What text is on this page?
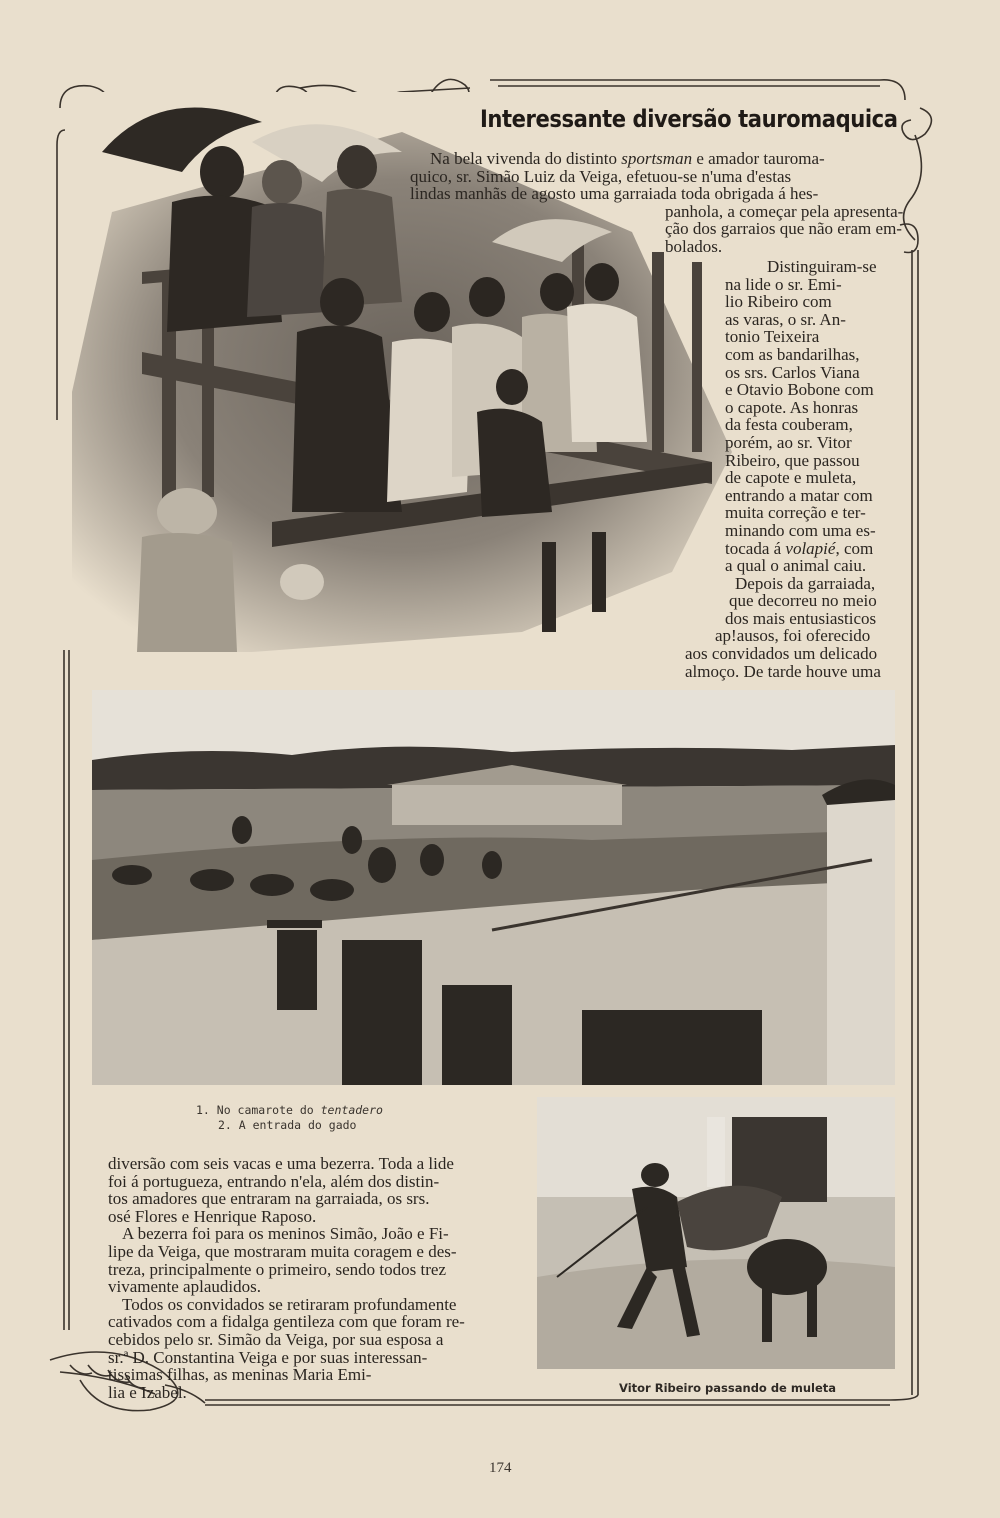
Interessante diversão tauromaquica
Na bela vivenda do distinto sportsman e amador tauroma-
quico, sr. Simão Luiz da Veiga, efetuou-se n'uma d'estas
lindas manhãs de agosto uma garraiada toda obrigada á hes-
panhola, a começar pela apresenta-
ção dos garraios que não eram em-
bolados.
Distinguiram-se
na lide o sr. Emi-
lio Ribeiro com
as varas, o sr. An-
tonio Teixeira
com as bandarilhas,
os srs. Carlos Viana
e Otavio Bobone com
o capote. As honras
da festa couberam,
porém, ao sr. Vitor
Ribeiro, que passou
de capote e muleta,
entrando a matar com
muita correção e ter-
minando com uma es-
tocada á volapié, com
a qual o animal caiu.
Depois da garraiada,
que decorreu no meio
dos mais entusiasticos
ap!ausos, foi oferecido
aos convidados um delicado
almoço. De tarde houve uma
1. No camarote do tentadero
2. A entrada do gado
diversão com seis vacas e uma bezerra. Toda a lide
foi á portugueza, entrando n'ela, além dos distin-
tos amadores que entraram na garraiada, os srs.
osé Flores e Henrique Raposo.
A bezerra foi para os meninos Simão, João e Fi-
lipe da Veiga, que mostraram muita coragem e des-
treza, principalmente o primeiro, sendo todos trez
vivamente aplaudidos.
Todos os convidados se retiraram profundamente
cativados com a fidalga gentileza com que foram re-
cebidos pelo sr. Simão da Veiga, por sua esposa a
sr.ª D. Constantina Veiga e por suas interessan-
tissimas filhas, as meninas Maria Emi-
lia e Izabel.	Vitor Ribeiro passando de muleta
174
